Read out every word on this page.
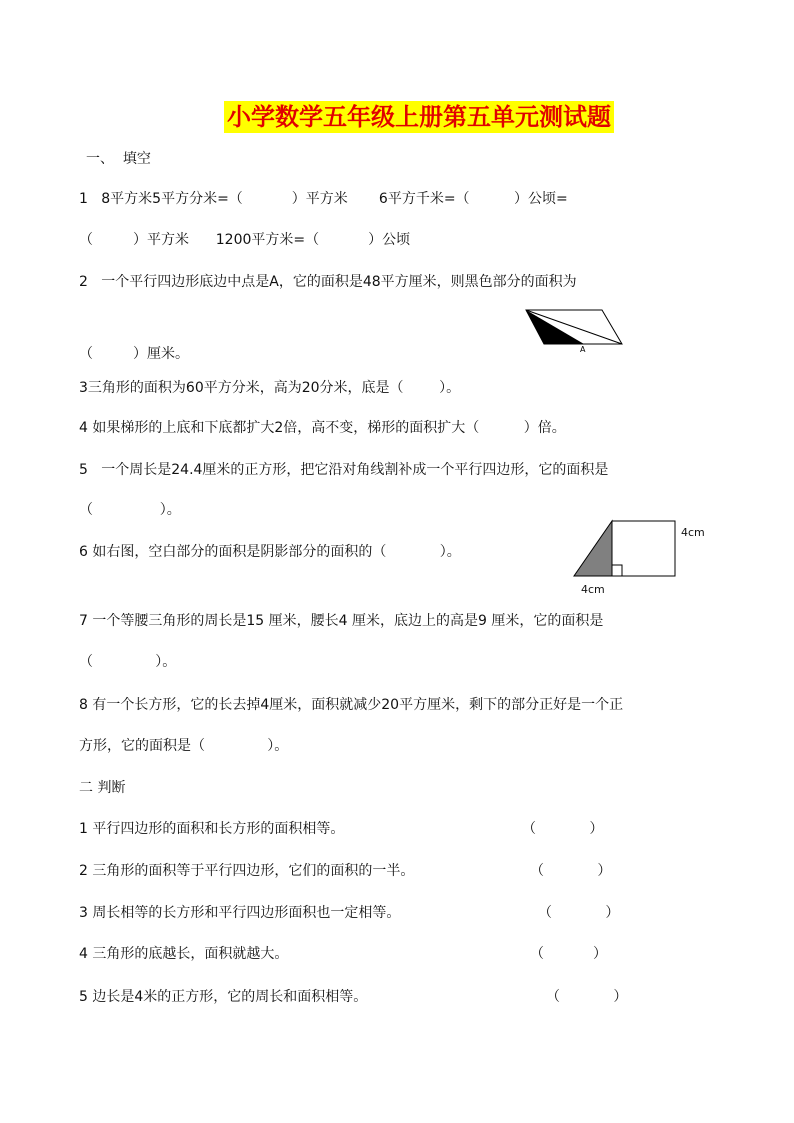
小学数学五年级上册第五单元测试题
一、  填空
1   8平方米5平方分米=（           ）平方米       6平方千米=（          ）公顷=
（         ）平方米      1200平方米=（           ）公顷
2   一个平行四边形底边中点是A，它的面积是48平方厘米，则黑色部分的面积为
（         ）厘米。	A
3三角形的面积为60平方分米，高为20分米，底是（        ）。
4 如果梯形的上底和下底都扩大2倍，高不变，梯形的面积扩大（          ）倍。
5   一个周长是24.4厘米的正方形，把它沿对角线割补成一个平行四边形，它的面积是
（               ）。
6 如右图，空白部分的面积是阴影部分的面积的（            ）。
4cm
4cm
7 一个等腰三角形的周长是15 厘米，腰长4 厘米，底边上的高是9 厘米，它的面积是
（              ）。
8 有一个长方形，它的长去掉4厘米，面积就减少20平方厘米，剩下的部分正好是一个正
方形，它的面积是（              ）。
二 判断
1 平行四边形的面积和长方形的面积相等。	（            ）
2 三角形的面积等于平行四边形，它们的面积的一半。	（            ）
3 周长相等的长方形和平行四边形面积也一定相等。	（            ）
4 三角形的底越长，面积就越大。	（           ）
5 边长是4米的正方形，它的周长和面积相等。	（            ）
